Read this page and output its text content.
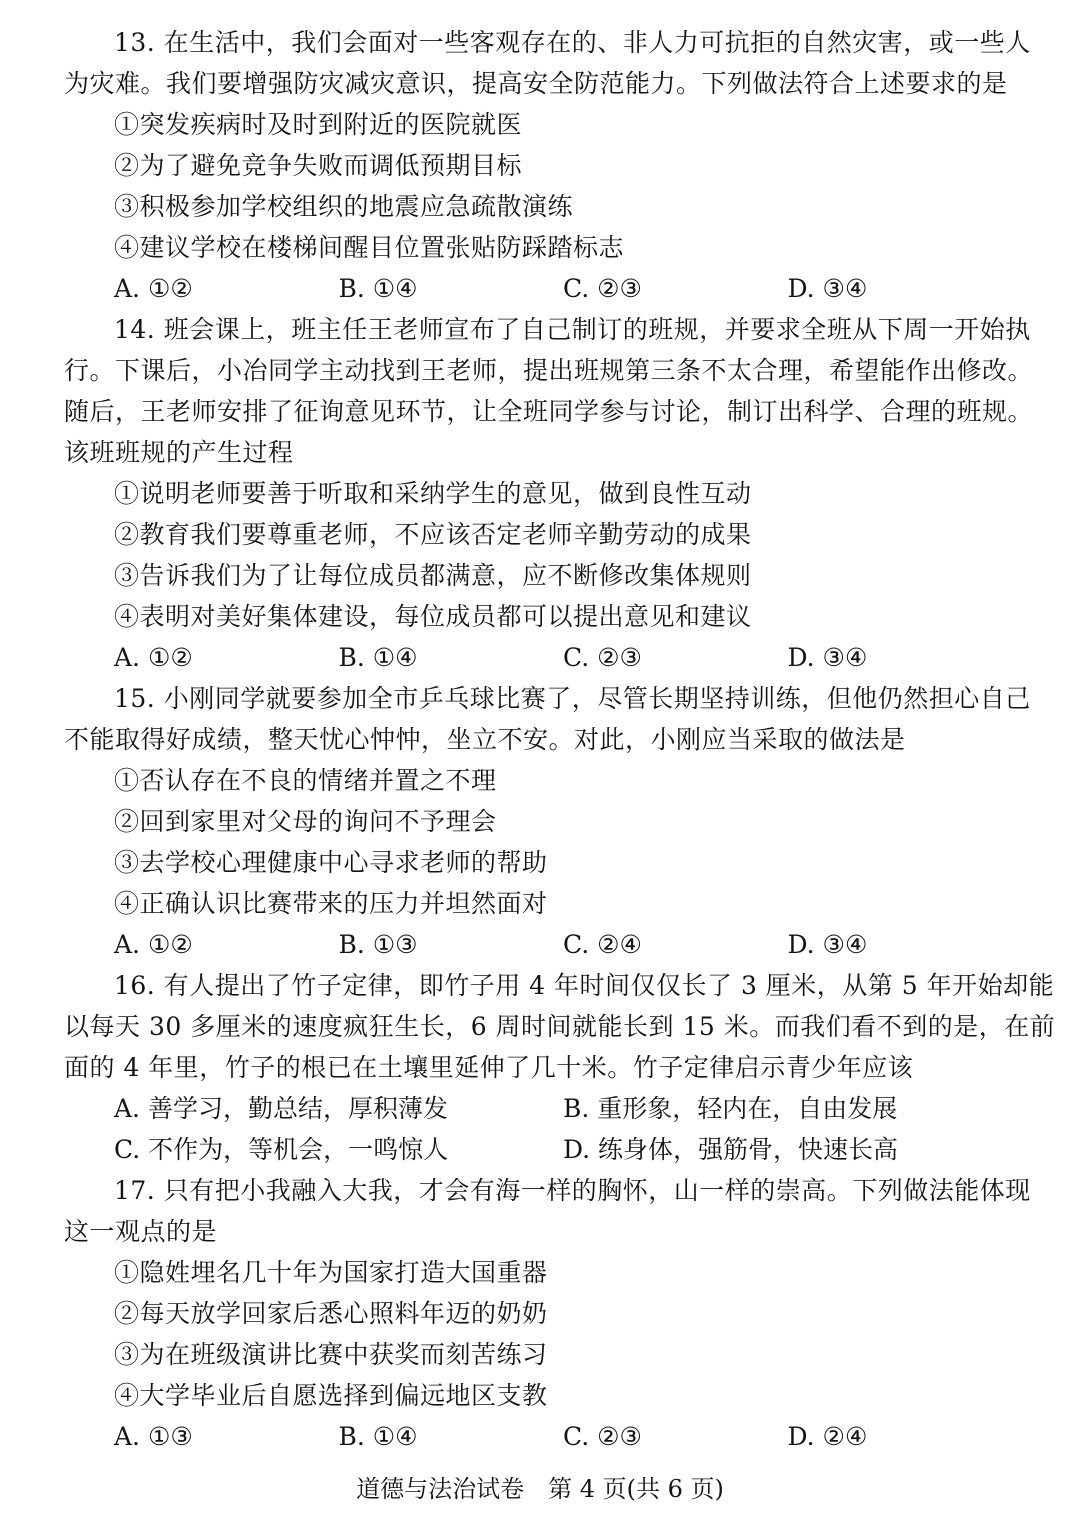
13. 在生活中，我们会面对一些客观存在的、非人力可抗拒的自然灾害，或一些人
为灾难。我们要增强防灾减灾意识，提高安全防范能力。下列做法符合上述要求的是
①突发疾病时及时到附近的医院就医
②为了避免竞争失败而调低预期目标
③积极参加学校组织的地震应急疏散演练
④建议学校在楼梯间醒目位置张贴防踩踏标志
A. ①②	B. ①④	C. ②③	D. ③④
14. 班会课上，班主任王老师宣布了自己制订的班规，并要求全班从下周一开始执
行。下课后，小冶同学主动找到王老师，提出班规第三条不太合理，希望能作出修改。
随后，王老师安排了征询意见环节，让全班同学参与讨论，制订出科学、合理的班规。
该班班规的产生过程
①说明老师要善于听取和采纳学生的意见，做到良性互动
②教育我们要尊重老师，不应该否定老师辛勤劳动的成果
③告诉我们为了让每位成员都满意，应不断修改集体规则
④表明对美好集体建设，每位成员都可以提出意见和建议
A. ①②	B. ①④	C. ②③	D. ③④
15. 小刚同学就要参加全市乒乓球比赛了，尽管长期坚持训练，但他仍然担心自己
不能取得好成绩，整天忧心忡忡，坐立不安。对此，小刚应当采取的做法是
①否认存在不良的情绪并置之不理
②回到家里对父母的询问不予理会
③去学校心理健康中心寻求老师的帮助
④正确认识比赛带来的压力并坦然面对
A. ①②	B. ①③	C. ②④	D. ③④
16. 有人提出了竹子定律，即竹子用 4 年时间仅仅长了 3 厘米，从第 5 年开始却能
以每天 30 多厘米的速度疯狂生长，6 周时间就能长到 15 米。而我们看不到的是，在前
面的 4 年里，竹子的根已在土壤里延伸了几十米。竹子定律启示青少年应该
A. 善学习，勤总结，厚积薄发	B. 重形象，轻内在，自由发展
C. 不作为，等机会，一鸣惊人	D. 练身体，强筋骨，快速长高
17. 只有把小我融入大我，才会有海一样的胸怀，山一样的崇高。下列做法能体现
这一观点的是
①隐姓埋名几十年为国家打造大国重器
②每天放学回家后悉心照料年迈的奶奶
③为在班级演讲比赛中获奖而刻苦练习
④大学毕业后自愿选择到偏远地区支教
A. ①③	B. ①④	C. ②③	D. ②④
道德与法治试卷　第 4 页(共 6 页)
